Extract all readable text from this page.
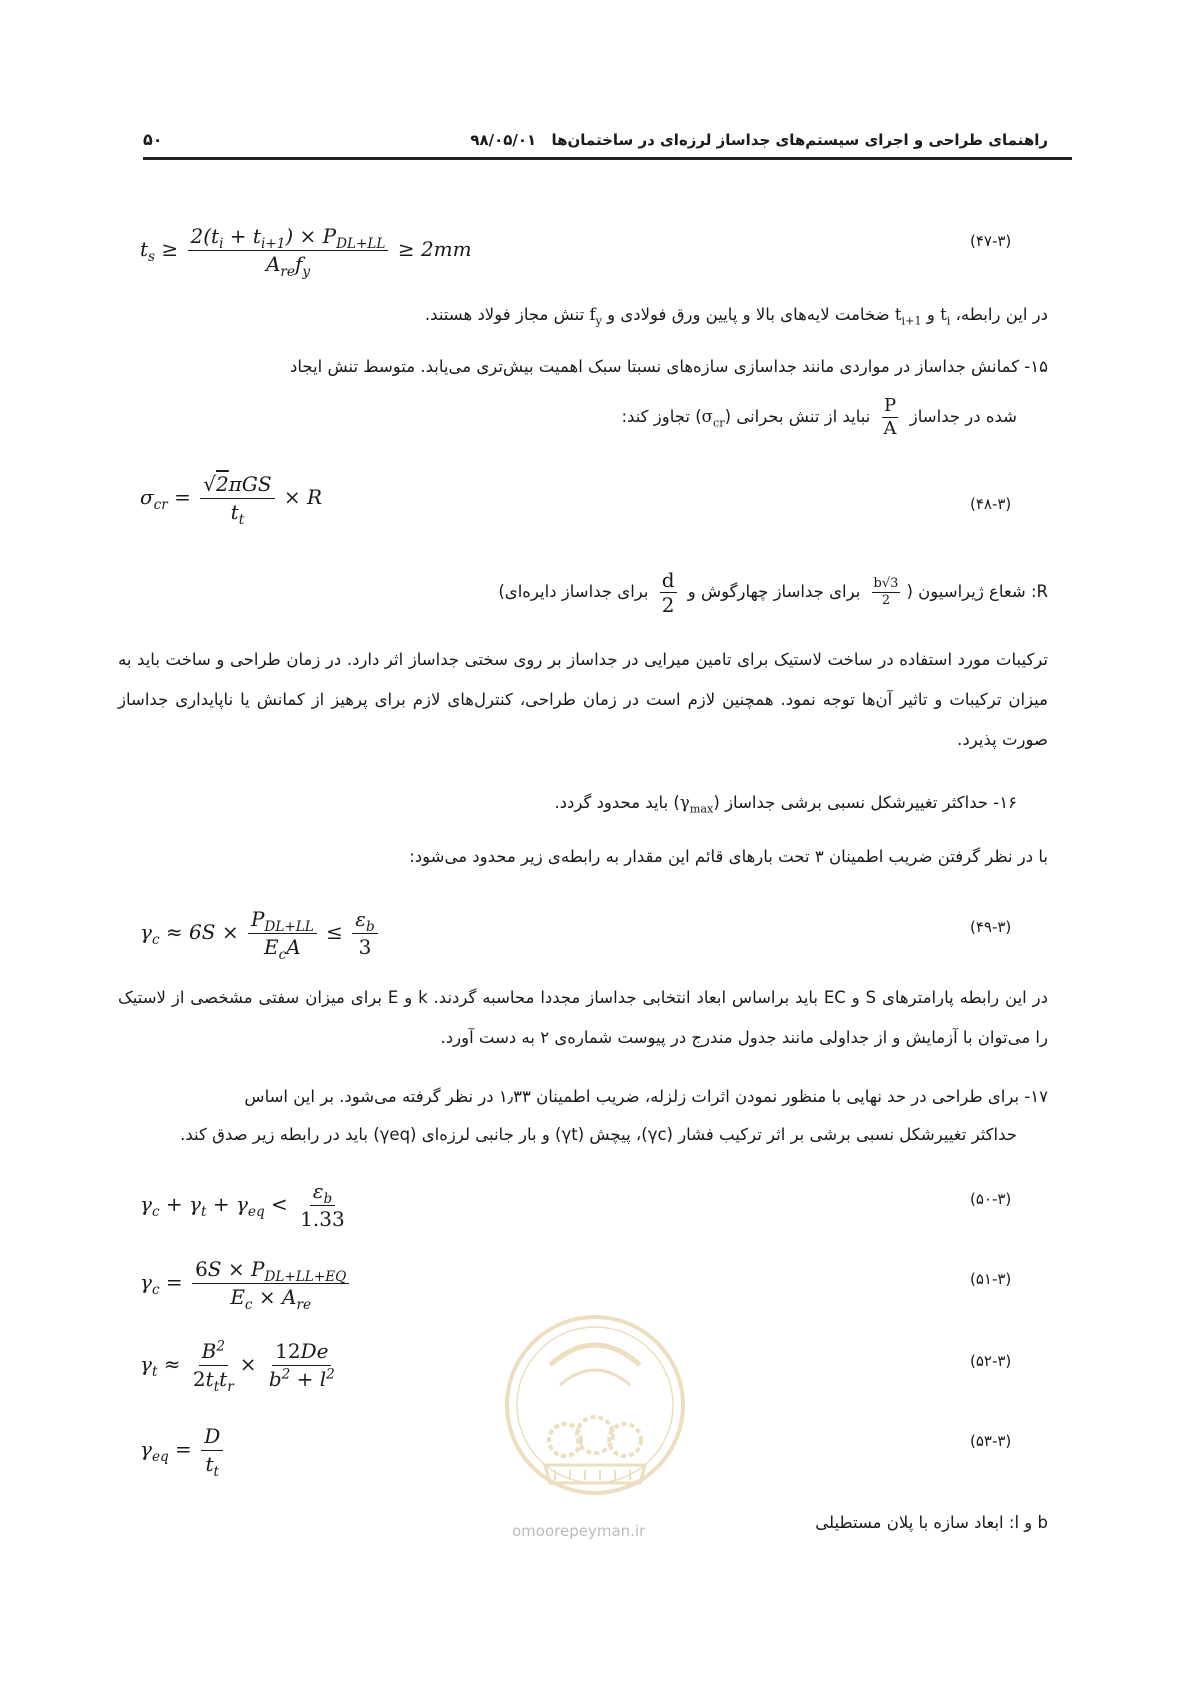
۵۰	راهنمای طراحی و اجرای سیستم‌های جداساز لرزه‌ای در ساختمان‌ها ۹۸/۰۵/۰۱
$t_s \ge \frac{2(t_i + t_{i+1}) \times P_{DL+LL}}{A_{re}f_y} \ge 2mm$	(۴۷-۳)
در این رابطه، $t_i$ و $t_{i+1}$ ضخامت لایه‌های بالا و پایین ورق فولادی و $f_y$ تنش مجاز فولاد هستند.
۱۵- کمانش جداساز در مواردی مانند جداسازی سازه‌های نسبتا سبک اهمیت بیش‌تری می‌یابد. متوسط تنش ایجاد
شده در جداساز
$\frac{P}{A}$
نباید از تنش بحرانی $(\sigma_{cr})$ تجاوز کند:
$\sigma_{cr} = \frac{\text{√2πGS}}{t_t} \times R$	(۴۸-۳)
R: شعاع ژیراسیون (
$\frac{b√3}{2}$
برای جداساز چهارگوش و
$\frac{d}{2}$
برای جداساز دایره‌ای)
ترکیبات مورد استفاده در ساخت لاستیک برای تامین میرایی در جداساز بر روی سختی جداساز اثر دارد. در زمان طراحی و ساخت باید به میزان ترکیبات و تاثیر آن‌ها توجه نمود. همچنین لازم است در زمان طراحی، کنترل‌های لازم برای پرهیز از کمانش یا ناپایداری جداساز صورت پذیرد.
۱۶- حداکثر تغییرشکل نسبی برشی جداساز $(\gamma_{max})$ باید محدود گردد.
با در نظر گرفتن ضریب اطمینان ۳ تحت بارهای قائم این مقدار به رابطه‌ی زیر محدود می‌شود:
$\gamma_c \approx 6S \times \frac{P_{DL+LL}}{E_cA} \le \frac{\varepsilon_b}{3}$	(۴۹-۳)
در این رابطه پارامترهای S و EC باید براساس ابعاد انتخابی جداساز مجددا محاسبه گردند. k و E برای میزان سفتی مشخصی از لاستیک را می‌توان با آزمایش و از جداولی مانند جدول مندرج در پیوست شماره‌ی ۲ به دست آورد.
۱۷- برای طراحی در حد نهایی با منظور نمودن اثرات زلزله، ضریب اطمینان ۱٫۳۳ در نظر گرفته می‌شود. بر این اساس
حداکثر تغییرشکل نسبی برشی بر اثر ترکیب فشار (γc)، پیچش (γt) و بار جانبی لرزه‌ای (γeq) باید در رابطه زیر صدق کند.
$\gamma_c + \gamma_t + \gamma_{eq} < \frac{\varepsilon_b}{1.33}$	(۵۰-۳)
$\gamma_c = \frac{6S \times P_{DL+LL+EQ}}{E_c \times A_{re}}$	(۵۱-۳)
$\gamma_t \approx \frac{B^2}{2t_tt_r} \times \frac{12De}{b^2 + l^2}$	(۵۲-۳)
$\gamma_{eq} = \frac{D}{t_t}$	(۵۳-۳)
b و l: ابعاد سازه با پلان مستطیلی
omoorepeyman.ir
